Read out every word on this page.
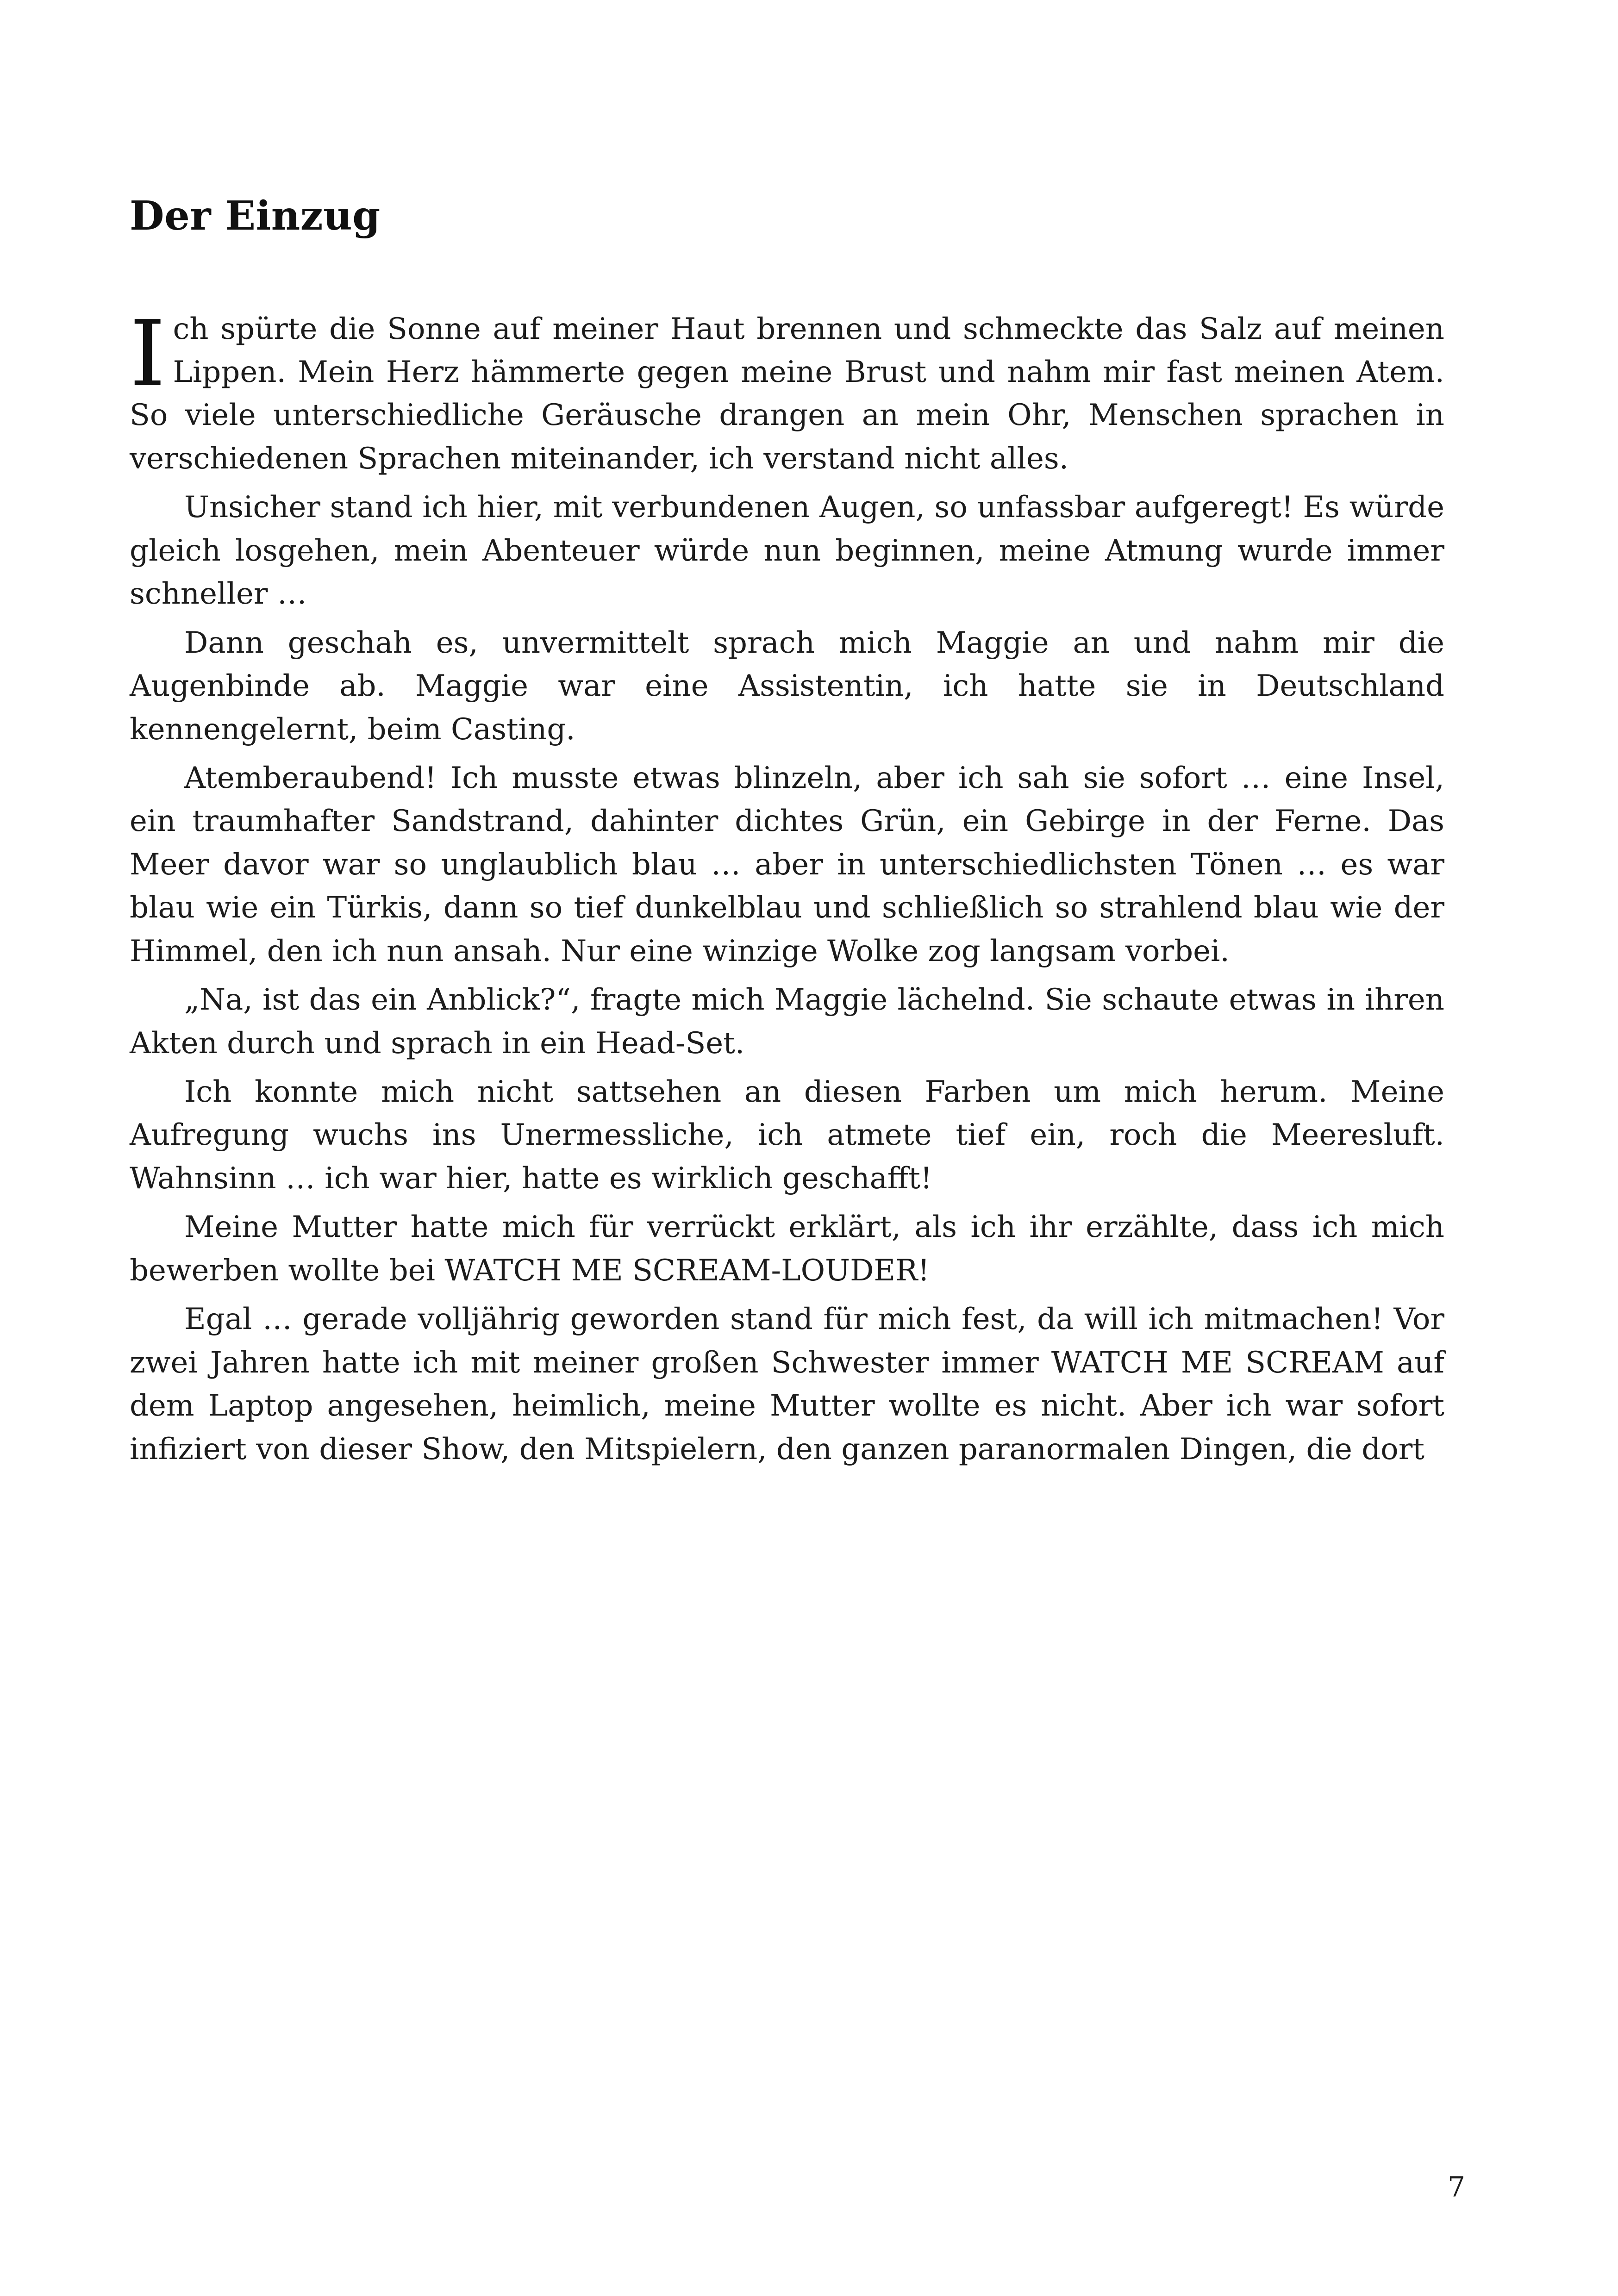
Der Einzug

Ich spürte die Sonne auf meiner Haut brennen und schmeckte das Salz auf meinen Lippen. Mein Herz hämmerte gegen meine Brust und nahm mir fast meinen Atem. So viele unterschiedliche Geräusche drangen an mein Ohr, Menschen sprachen in verschiedenen Sprachen miteinander, ich verstand nicht alles.

Unsicher stand ich hier, mit verbundenen Augen, so unfassbar aufgeregt! Es würde gleich losgehen, mein Abenteuer würde nun beginnen, meine Atmung wurde immer schneller …

Dann geschah es, unvermittelt sprach mich Maggie an und nahm mir die Augenbinde ab. Maggie war eine Assistentin, ich hatte sie in Deutschland kennengelernt, beim Casting.

Atemberaubend! Ich musste etwas blinzeln, aber ich sah sie sofort … eine Insel, ein traumhafter Sandstrand, dahinter dichtes Grün, ein Gebirge in der Ferne. Das Meer davor war so unglaublich blau … aber in unterschiedlichsten Tönen … es war blau wie ein Türkis, dann so tief dunkelblau und schließlich so strahlend blau wie der Himmel, den ich nun ansah. Nur eine winzige Wolke zog langsam vorbei.

„Na, ist das ein Anblick?“, fragte mich Maggie lächelnd. Sie schaute etwas in ihren Akten durch und sprach in ein Head-Set.

Ich konnte mich nicht sattsehen an diesen Farben um mich herum. Meine Aufregung wuchs ins Unermessliche, ich atmete tief ein, roch die Meeresluft. Wahnsinn … ich war hier, hatte es wirklich geschafft!

Meine Mutter hatte mich für verrückt erklärt, als ich ihr erzählte, dass ich mich bewerben wollte bei WATCH ME SCREAM-LOUDER!

Egal … gerade volljährig geworden stand für mich fest, da will ich mitmachen! Vor zwei Jahren hatte ich mit meiner großen Schwester immer WATCH ME SCREAM auf dem Laptop angesehen, heimlich, meine Mutter wollte es nicht. Aber ich war sofort infiziert von dieser Show, den Mitspielern, den ganzen paranormalen Dingen, die dort

7
